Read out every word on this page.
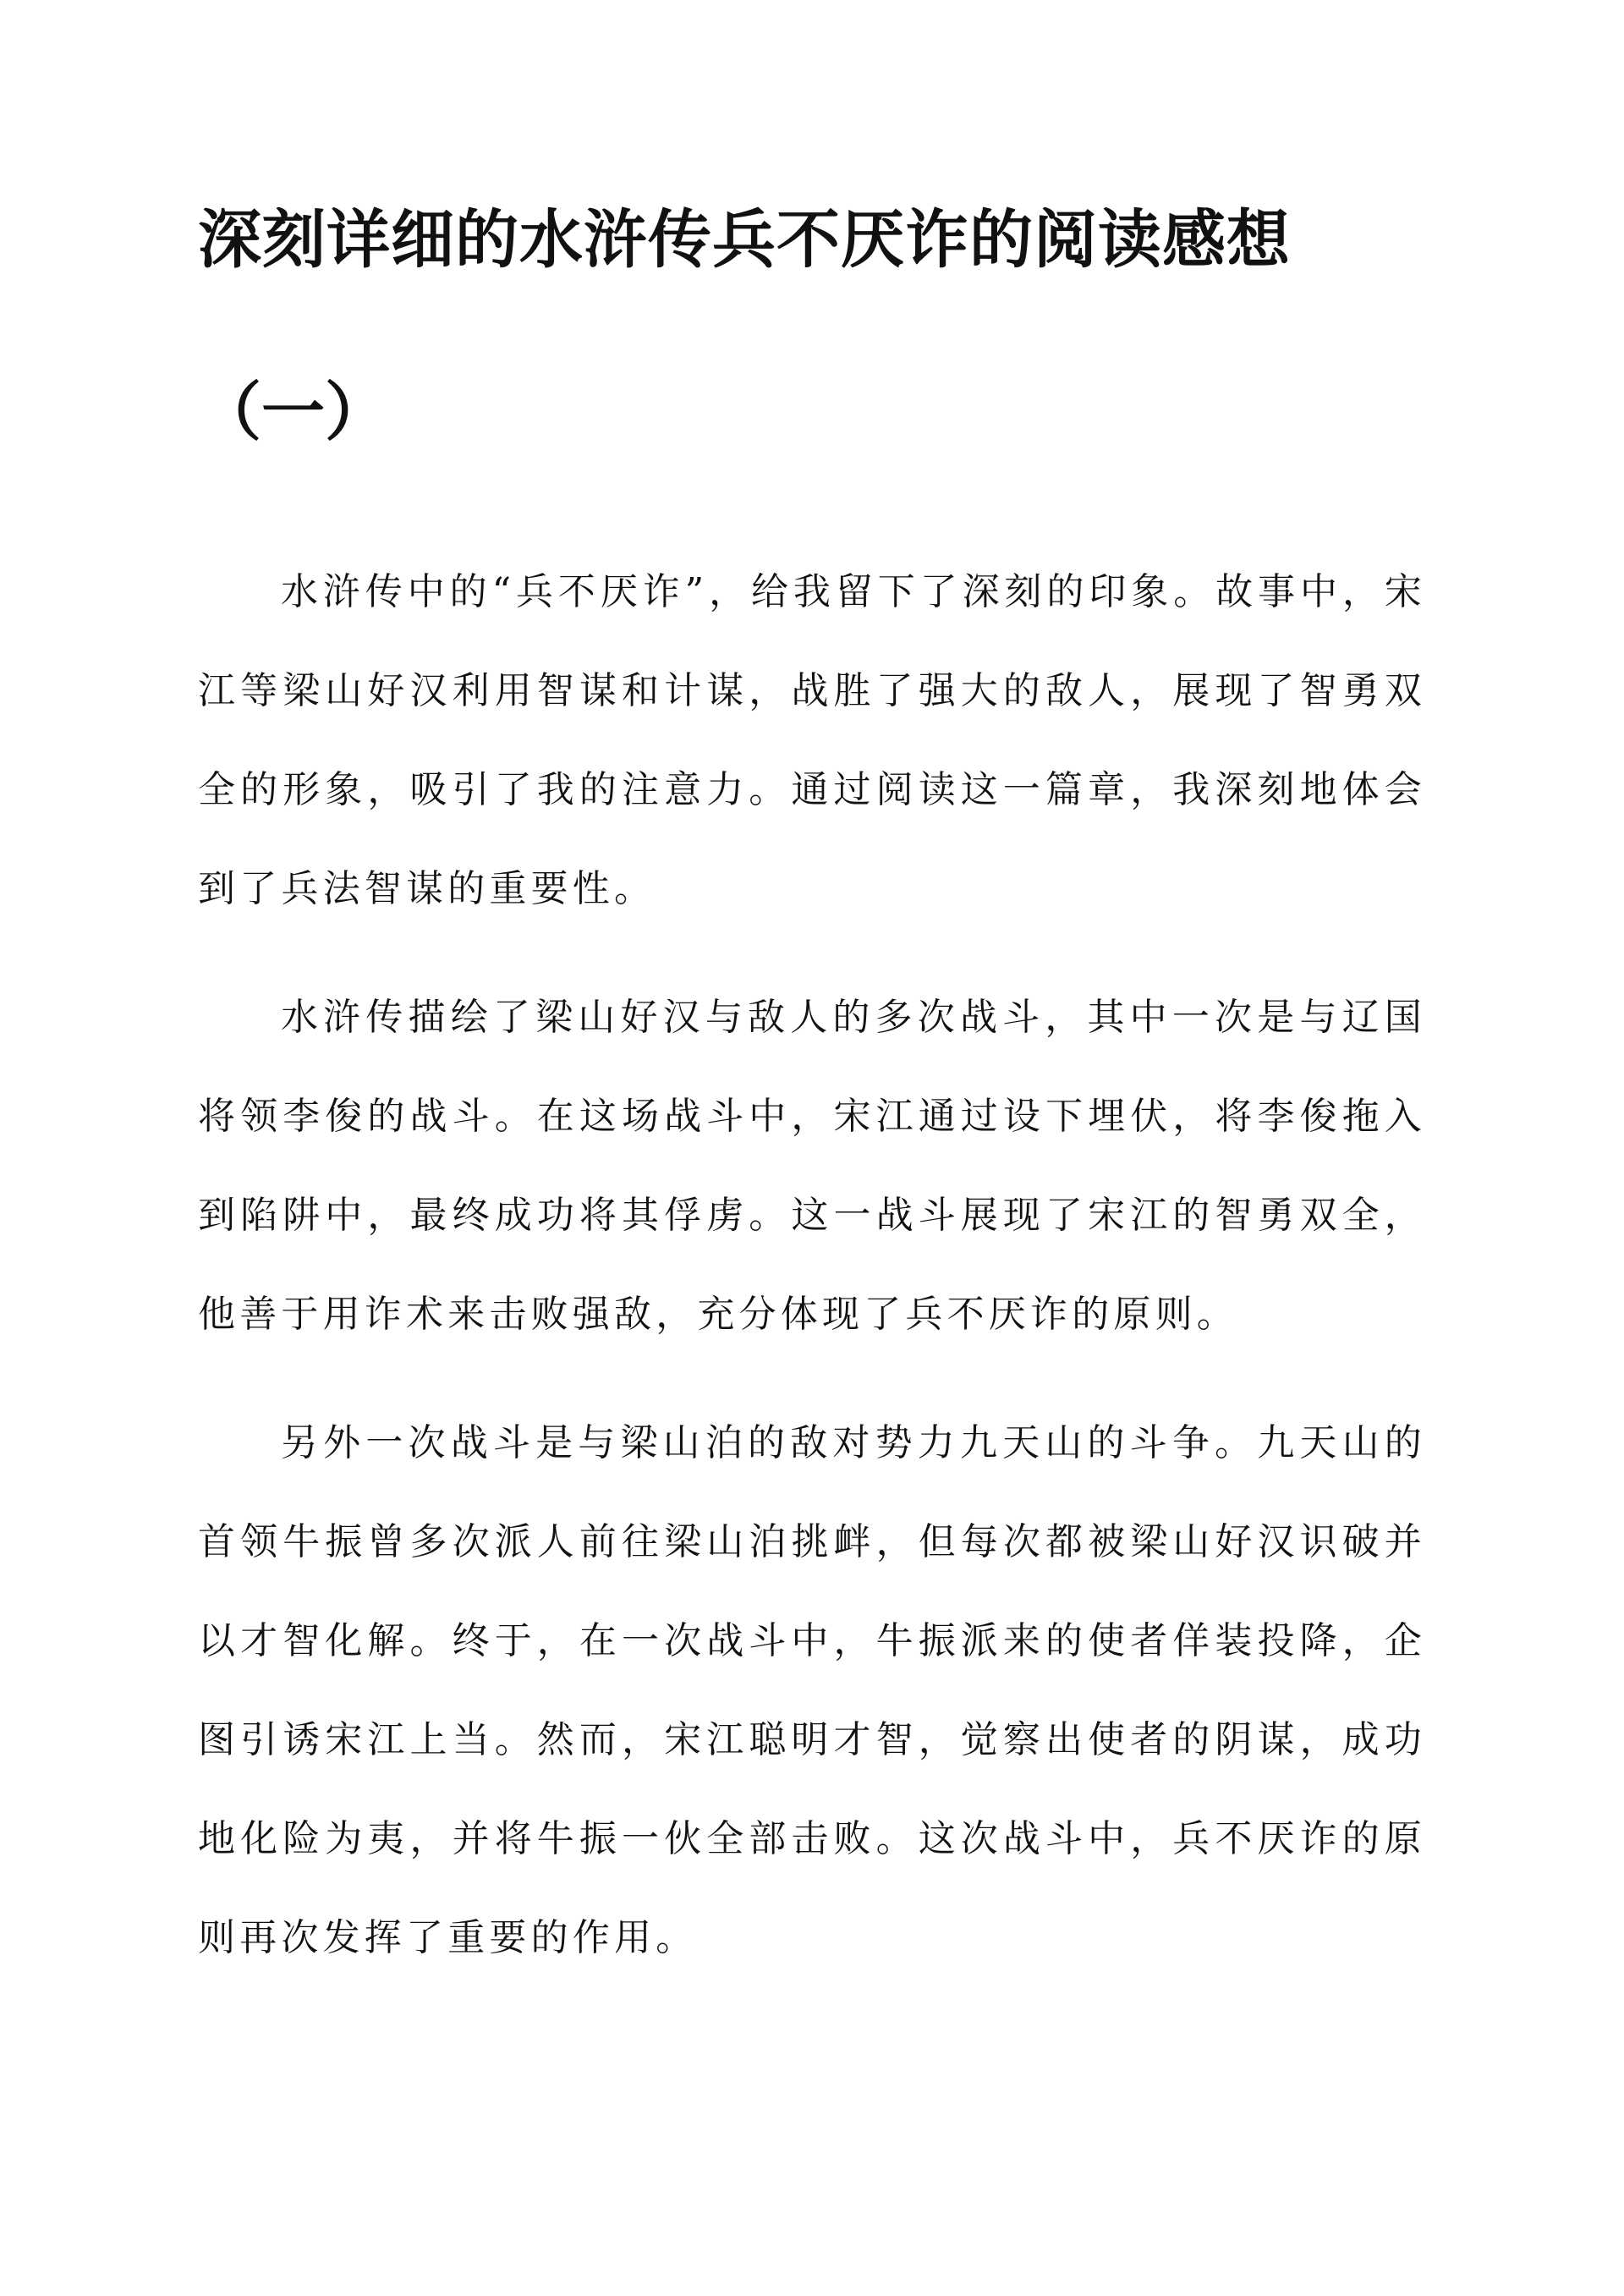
深刻详细的水浒传兵不厌诈的阅读感想
（一）

水浒传中的“兵不厌诈”，给我留下了深刻的印象。故事中，宋江等梁山好汉利用智谋和计谋，战胜了强大的敌人，展现了智勇双全的形象，吸引了我的注意力。通过阅读这一篇章，我深刻地体会到了兵法智谋的重要性。

水浒传描绘了梁山好汉与敌人的多次战斗，其中一次是与辽国将领李俊的战斗。在这场战斗中，宋江通过设下埋伏，将李俊拖入到陷阱中，最终成功将其俘虏。这一战斗展现了宋江的智勇双全，他善于用诈术来击败强敌，充分体现了兵不厌诈的原则。

另外一次战斗是与梁山泊的敌对势力九天山的斗争。九天山的首领牛振曾多次派人前往梁山泊挑衅，但每次都被梁山好汉识破并以才智化解。终于，在一次战斗中，牛振派来的使者佯装投降，企图引诱宋江上当。然而，宋江聪明才智，觉察出使者的阴谋，成功地化险为夷，并将牛振一伙全部击败。这次战斗中，兵不厌诈的原则再次发挥了重要的作用。
